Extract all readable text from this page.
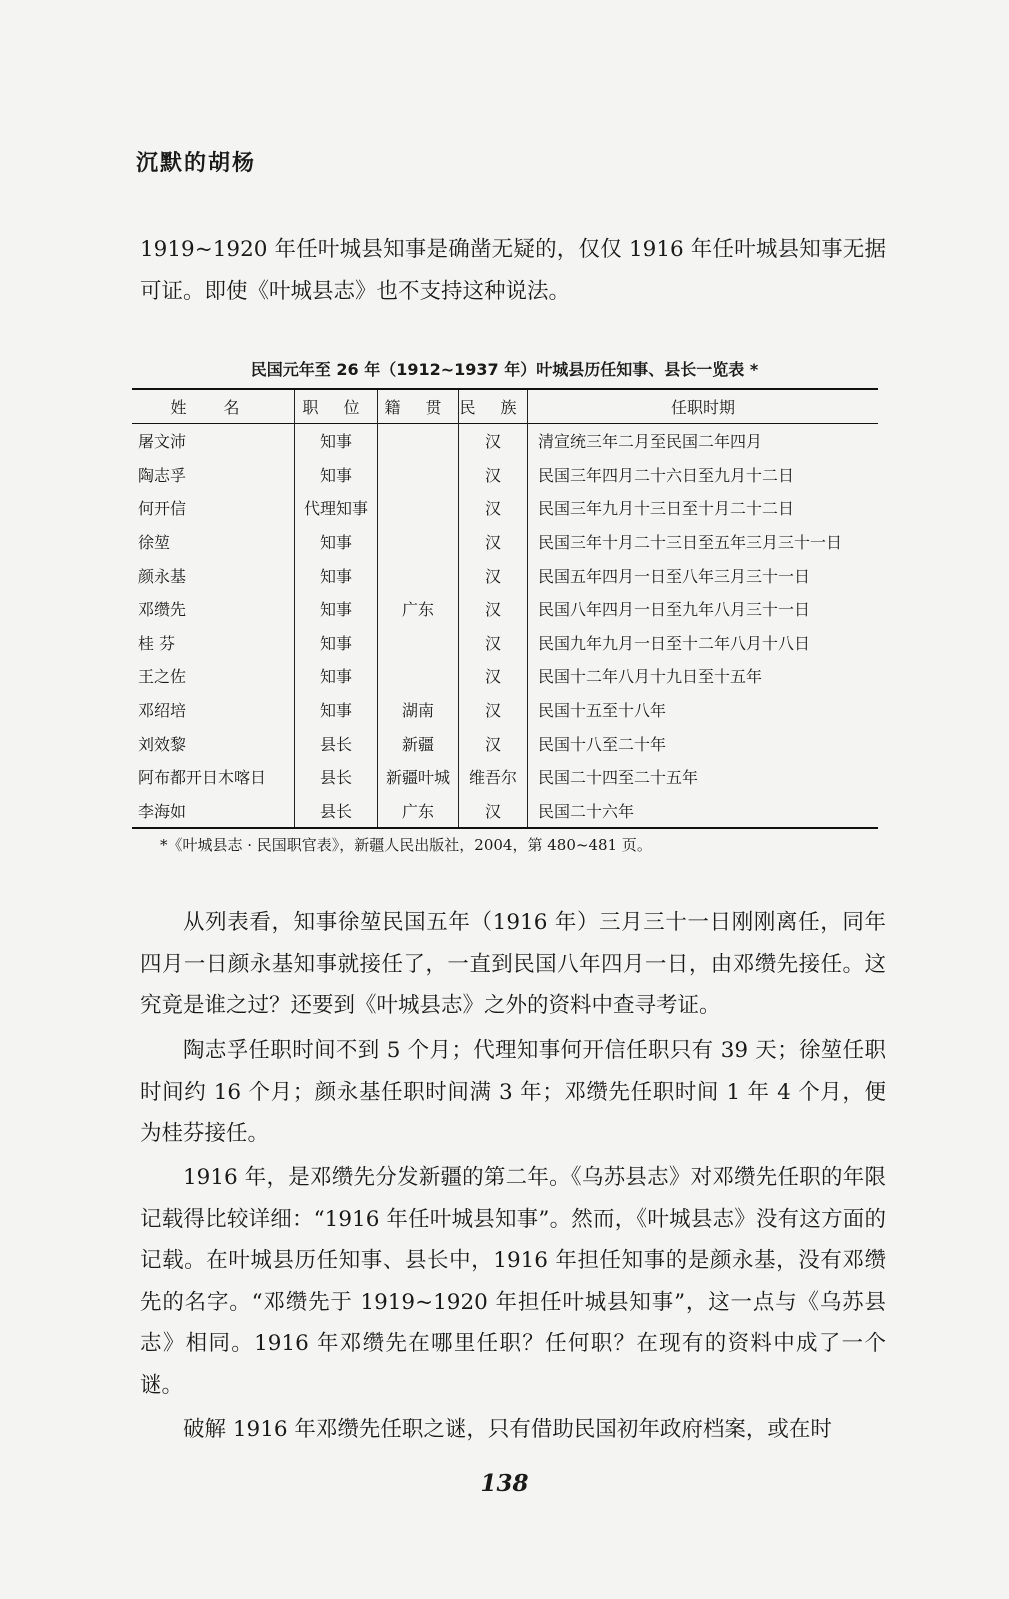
沉默的胡杨

1919~1920 年任叶城县知事是确凿无疑的，仅仅 1916 年任叶城县知事无据可证。即使《叶城县志》也不支持这种说法。

民国元年至 26 年（1912~1937 年）叶城县历任知事、县长一览表 *
姓 名	职 位	籍 贯	民 族	任职时期
屠文沛	知事		汉	清宣统三年二月至民国二年四月
陶志孚	知事		汉	民国三年四月二十六日至九月十二日
何开信	代理知事		汉	民国三年九月十三日至十月二十二日
徐堃	知事		汉	民国三年十月二十三日至五年三月三十一日
颜永基	知事		汉	民国五年四月一日至八年三月三十一日
邓缵先	知事	广东	汉	民国八年四月一日至九年八月三十一日
桂 芬	知事		汉	民国九年九月一日至十二年八月十八日
王之佐	知事		汉	民国十二年八月十九日至十五年
邓绍培	知事	湖南	汉	民国十五至十八年
刘效黎	县长	新疆	汉	民国十八至二十年
阿布都开日木喀日	县长	新疆叶城	维吾尔	民国二十四至二十五年
李海如	县长	广东	汉	民国二十六年
*《叶城县志 · 民国职官表》，新疆人民出版社，2004，第 480~481 页。

从列表看，知事徐堃民国五年（1916 年）三月三十一日刚刚离任，同年四月一日颜永基知事就接任了，一直到民国八年四月一日，由邓缵先接任。这究竟是谁之过？还要到《叶城县志》之外的资料中查寻考证。

陶志孚任职时间不到 5 个月；代理知事何开信任职只有 39 天；徐堃任职时间约 16 个月；颜永基任职时间满 3 年；邓缵先任职时间 1 年 4 个月，便为桂芬接任。

1916 年，是邓缵先分发新疆的第二年。《乌苏县志》对邓缵先任职的年限记载得比较详细：“1916 年任叶城县知事”。然而，《叶城县志》没有这方面的记载。在叶城县历任知事、县长中，1916 年担任知事的是颜永基，没有邓缵先的名字。“邓缵先于 1919~1920 年担任叶城县知事”，这一点与《乌苏县志》相同。1916 年邓缵先在哪里任职？任何职？在现有的资料中成了一个谜。

破解 1916 年邓缵先任职之谜，只有借助民国初年政府档案，或在时

138
